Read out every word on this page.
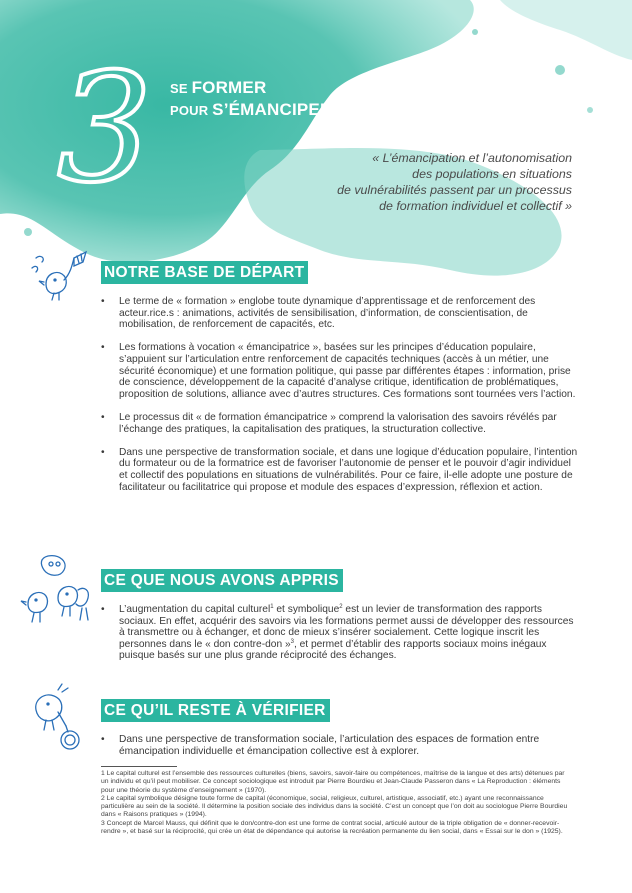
3 SE FORMER
POUR S’ÉMANCIPER
« L’émancipation et l’autonomisation
des populations en situations
de vulnérabilités passent par un processus
de formation individuel et collectif »
NOTRE BASE DE DÉPART
• Le terme de « formation » englobe toute dynamique d’apprentissage et de renforcement des acteur.rice.s : animations, activités de sensibilisation, d’information, de conscientisation, de mobilisation, de renforcement de capacités, etc.
• Les formations à vocation « émancipatrice », basées sur les principes d’éducation populaire, s’appuient sur l’articulation entre renforcement de capacités techniques (accès à un métier, une sécurité économique) et une formation politique, qui passe par différentes étapes : information, prise de conscience, développement de la capacité d’analyse critique, identification de problématiques, proposition de solutions, alliance avec d’autres structures. Ces formations sont tournées vers l’action.
• Le processus dit « de formation émancipatrice » comprend la valorisation des savoirs révélés par l’échange des pratiques, la capitalisation des pratiques, la structuration collective.
• Dans une perspective de transformation sociale, et dans une logique d’éducation populaire, l’intention du formateur ou de la formatrice est de favoriser l’autonomie de penser et le pouvoir d’agir individuel et collectif des populations en situations de vulnérabilités. Pour ce faire, il-elle adopte une posture de facilitateur ou facilitatrice qui propose et module des espaces d’expression, réflexion et action.
CE QUE NOUS AVONS APPRIS
• L’augmentation du capital culturel$^1$ et symbolique$^2$ est un levier de transformation des rapports sociaux. En effet, acquérir des savoirs via les formations permet aussi de développer des ressources à transmettre ou à échanger, et donc de mieux s’insérer socialement. Cette logique inscrit les personnes dans le « don contre-don »$^3$, et permet d’établir des rapports sociaux moins inégaux puisque basés sur une plus grande réciprocité des échanges.
CE QU’IL RESTE À VÉRIFIER
• Dans une perspective de transformation sociale, l’articulation des espaces de formation entre émancipation individuelle et émancipation collective est à explorer.
1 Le capital culturel est l’ensemble des ressources culturelles (biens, savoirs, savoir-faire ou compétences, maîtrise de la langue et des arts) détenues par un individu et qu’il peut mobiliser. Ce concept sociologique est introduit par Pierre Bourdieu et Jean-Claude Passeron dans « La Reproduction : éléments pour une théorie du système d’enseignement » (1970).
2 Le capital symbolique désigne toute forme de capital (économique, social, religieux, culturel, artistique, associatif, etc.) ayant une reconnaissance particulière au sein de la société. Il détermine la position sociale des individus dans la société. C’est un concept que l’on doit au sociologue Pierre Bourdieu dans « Raisons pratiques » (1994).
3 Concept de Marcel Mauss, qui définit que le don/contre-don est une forme de contrat social, articulé autour de la triple obligation de « donner-recevoir-rendre », et basé sur la réciprocité, qui crée un état de dépendance qui autorise la recréation permanente du lien social, dans « Essai sur le don » (1925).
